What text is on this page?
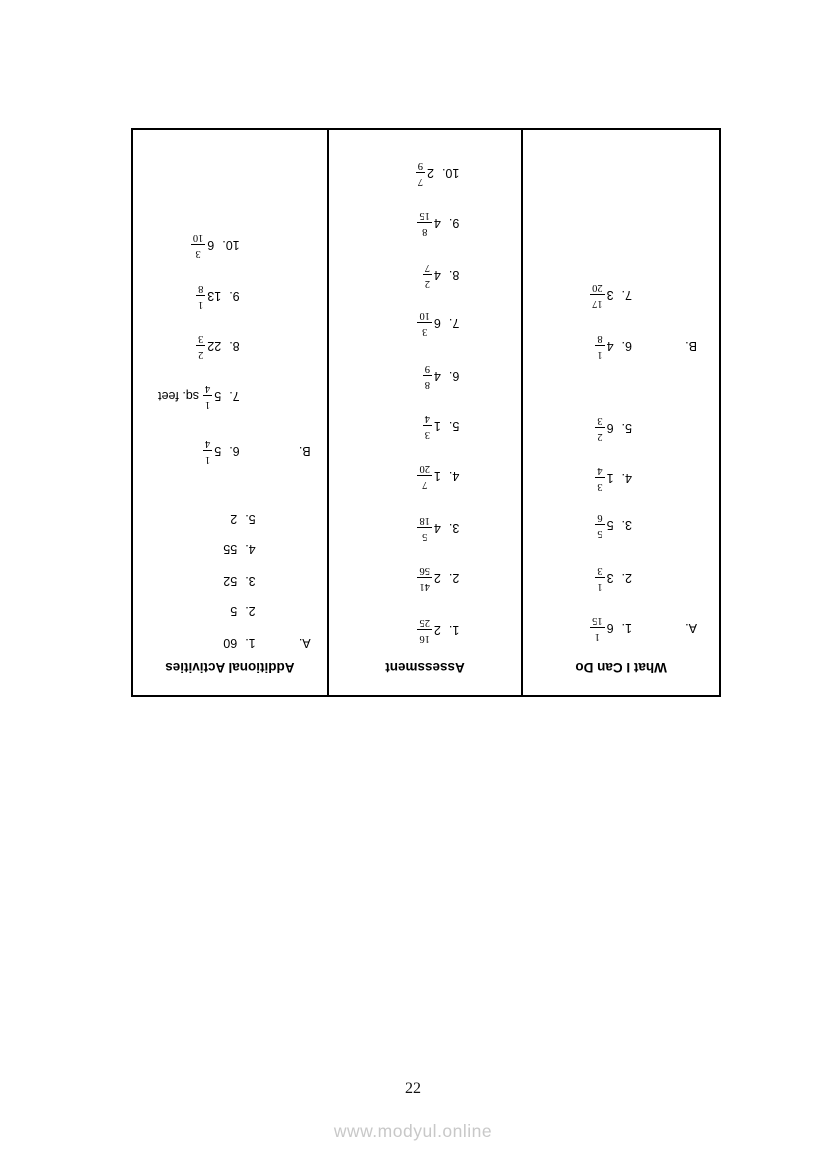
What I Can Do
A.
1.
6
1
15
2.
3
1
3
3.
5
5
6
4.
1
3
4
5.
6
2
3
B.
6.
4
1
8
7.
3
17
20
Assessment
1.
2
16
25
2.
2
41
56
3.
4
5
18
4.
1
7
20
5.
1
3
4
6.
4
8
9
7.
6
3
10
8.
4
2
7
9.
4
8
15
10.
2
7
9
Additional Activities
A.
1.
60
2.
5
3.
52
4.
55
5.
2
B.
6.
5
1
4
7.
5
1
4
sq. feet
8.
22
2
3
9.
13
1
8
10.
6
3
10
22
www.modyul.online
